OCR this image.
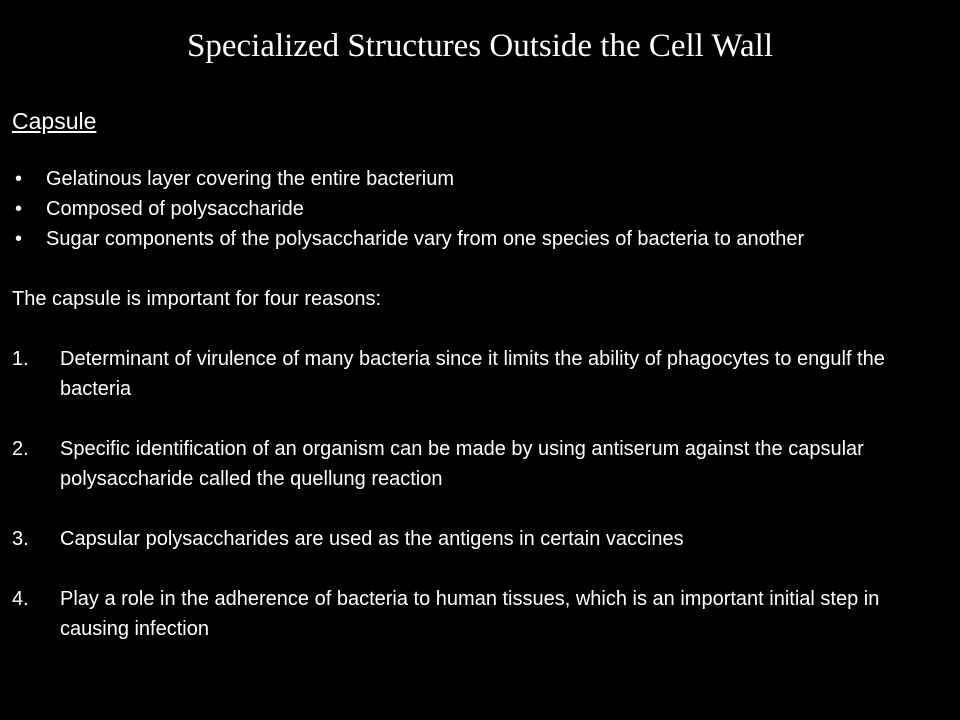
Specialized Structures Outside the Cell Wall
Capsule
• Gelatinous layer covering the entire bacterium
• Composed of polysaccharide
• Sugar components of the polysaccharide vary from one species of bacteria to another
The capsule is important for four reasons:
1. Determinant of virulence of many bacteria since it limits the ability of phagocytes to engulf the bacteria
2. Specific identification of an organism can be made by using antiserum against the capsular polysaccharide called the quellung reaction
3. Capsular polysaccharides are used as the antigens in certain vaccines
4. Play a role in the adherence of bacteria to human tissues, which is an important initial step in causing infection
